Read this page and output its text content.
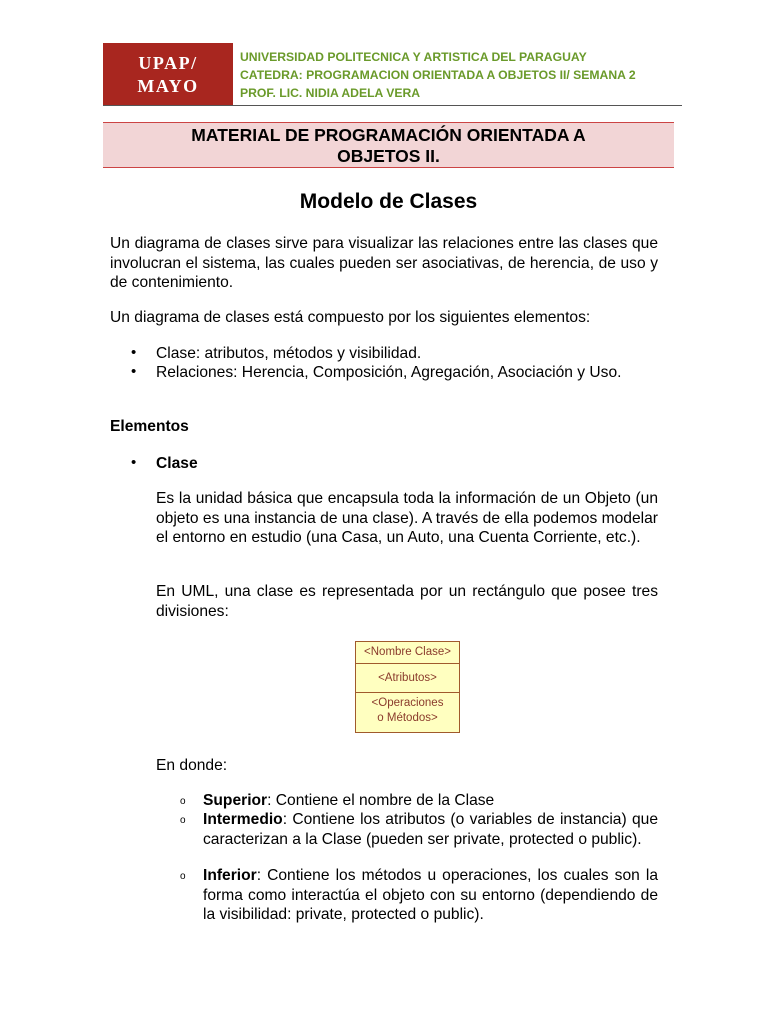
UPAP/
MAYO
UNIVERSIDAD POLITECNICA Y ARTISTICA DEL PARAGUAY
CATEDRA: PROGRAMACION ORIENTADA A OBJETOS II/ SEMANA 2
PROF. LIC. NIDIA ADELA VERA
MATERIAL DE PROGRAMACIÓN ORIENTADA A
OBJETOS II.
Modelo de Clases
Un diagrama de clases sirve para visualizar las relaciones entre las clases que involucran el sistema, las cuales pueden ser asociativas, de herencia, de uso y de contenimiento.
Un diagrama de clases está compuesto por los siguientes elementos:
• Clase: atributos, métodos y visibilidad.
• Relaciones: Herencia, Composición, Agregación, Asociación y Uso.
Elementos
• Clase
Es la unidad básica que encapsula toda la información de un Objeto (un objeto es una instancia de una clase). A través de ella podemos modelar el entorno en estudio (una Casa, un Auto, una Cuenta Corriente, etc.).
En UML, una clase es representada por un rectángulo que posee tres divisiones:
<Nombre Clase>
<Atributos>
<Operaciones
o Métodos>
En donde:
o Superior: Contiene el nombre de la Clase
o Intermedio: Contiene los atributos (o variables de instancia) que caracterizan a la Clase (pueden ser private, protected o public).
o Inferior: Contiene los métodos u operaciones, los cuales son la forma como interactúa el objeto con su entorno (dependiendo de la visibilidad: private, protected o public).
